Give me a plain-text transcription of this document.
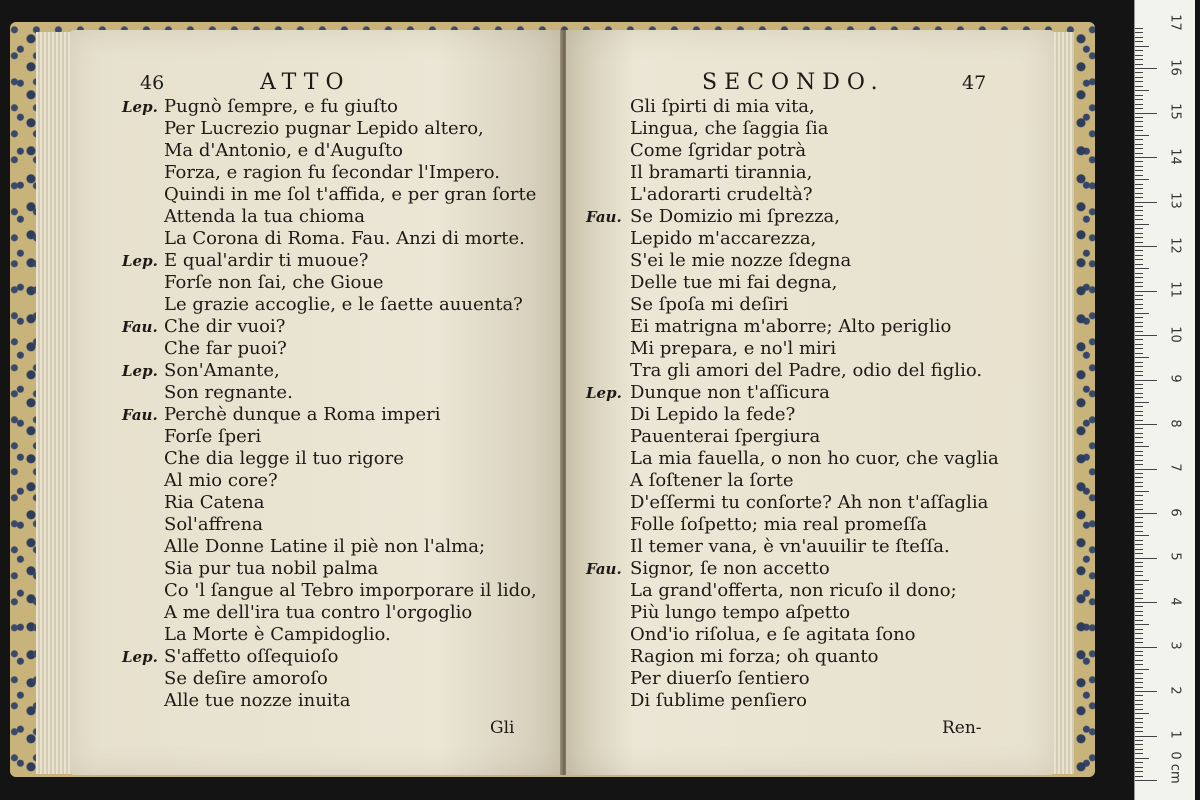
46	ATTO
Lep. Pugnò ſempre, e fu giuſto
Per Lucrezio pugnar Lepido altero,
Ma d'Antonio, e d'Auguſto
Forza, e ragion fu ſecondar l'Impero.
Quindi in me ſol t'affida, e per gran ſorte
Attenda la tua chioma
La Corona di Roma. Fau. Anzi di morte.
Lep. E qual'ardir ti muoue?
Forſe non ſai, che Gioue
Le grazie accoglie, e le ſaette auuenta?
Fau. Che dir vuoi?
Che far puoi?
Lep. Son'Amante,
Son regnante.
Fau. Perchè dunque a Roma imperi
Forſe ſperi
Che dia legge il tuo rigore
Al mio core?
Ria Catena
Sol'affrena
Alle Donne Latine il piè non l'alma;
Sia pur tua nobil palma
Co 'l ſangue al Tebro imporporare il lido,
A me dell'ira tua contro l'orgoglio
La Morte è Campidoglio.
Lep. S'affetto oſſequioſo
Se deſire amoroſo
Alle tue nozze inuita
Gli
SECONDO.	47
Gli ſpirti di mia vita,
Lingua, che ſaggia ſia
Come ſgridar potrà
Il bramarti tirannia,
L'adorarti crudeltà?
Fau. Se Domizio mi ſprezza,
Lepido m'accarezza,
S'ei le mie nozze ſdegna
Delle tue mi fai degna,
Se ſpoſa mi deſiri
Ei matrigna m'aborre; Alto periglio
Mi prepara, e no'l miri
Tra gli amori del Padre, odio del figlio.
Lep. Dunque non t'aſſicura
Di Lepido la fede?
Pauenterai ſpergiura
La mia fauella, o non ho cuor, che vaglia
A ſoſtener la ſorte
D'eſſermi tu conſorte? Ah non t'aſſaglia
Folle ſoſpetto; mia real promeſſa
Il temer vana, è vn'auuilir te ſteſſa.
Fau. Signor, ſe non accetto
La grand'offerta, non ricuſo il dono;
Più lungo tempo aſpetto
Ond'io riſolua, e ſe agitata ſono
Ragion mi forza; oh quanto
Per diuerſo ſentiero
Di ſublime penſiero
Ren-
0 cm
1
2
3
4
5
6
7
8
9
10
11
12
13
14
15
16
17
